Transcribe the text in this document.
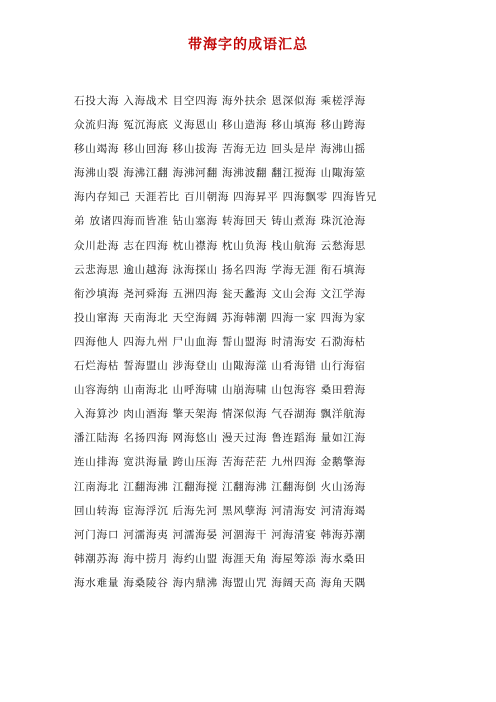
带海字的成语汇总
石投大海 入海战术 目空四海 海外扶余 恩深似海 乘槎浮海
众流归海 冤沉海底 义海恩山 移山造海 移山填海 移山跨海
移山竭海 移山回海 移山拔海 苦海无边 回头是岸 海沸山摇
海沸山裂 海沸江翻 海沸河翻 海沸波翻 翻江搅海 山陬海筮
海内存知己 天涯若比 百川朝海 四海昇平 四海飘零 四海皆兄
弟 放诸四海而皆准 钻山塞海 转海回天 铸山煮海 珠沉沧海
众川赴海 志在四海 枕山襟海 枕山负海 栈山航海 云愁海思
云悲海思 逾山越海 泳海探山 扬名四海 学海无涯 衔石填海
衔沙填海 尧河舜海 五洲四海 瓮天蠡海 文山会海 文江学海
投山窜海 天南海北 天空海阔 苏海韩潮 四海一家 四海为家
四海他人 四海九州 尸山血海 誓山盟海 时清海安 石泐海枯
石烂海枯 誓海盟山 涉海登山 山陬海澨 山肴海错 山行海宿
山容海纳 山南海北 山呼海啸 山崩海啸 山包海容 桑田碧海
入海算沙 肉山酒海 擎天架海 情深似海 气吞湖海 飘洋航海
潘江陆海 名扬四海 网海悠山 漫天过海 鲁连蹈海 量如江海
连山排海 宽洪海量 跨山压海 苦海茫茫 九州四海 金鹅擎海
江南海北 江翻海沸 江翻海搅 江翻海沸 江翻海倒 火山汤海
回山转海 宦海浮沉 后海先河 黑风孽海 河清海安 河清海竭
河门海口 河濡海夷 河濡海晏 河涸海干 河海清宴 韩海苏潮
韩潮苏海 海中捞月 海约山盟 海涯天角 海屋筹添 海水桑田
海水难量 海桑陵谷 海内鼎沸 海盟山咒 海阔天高 海角天隅
